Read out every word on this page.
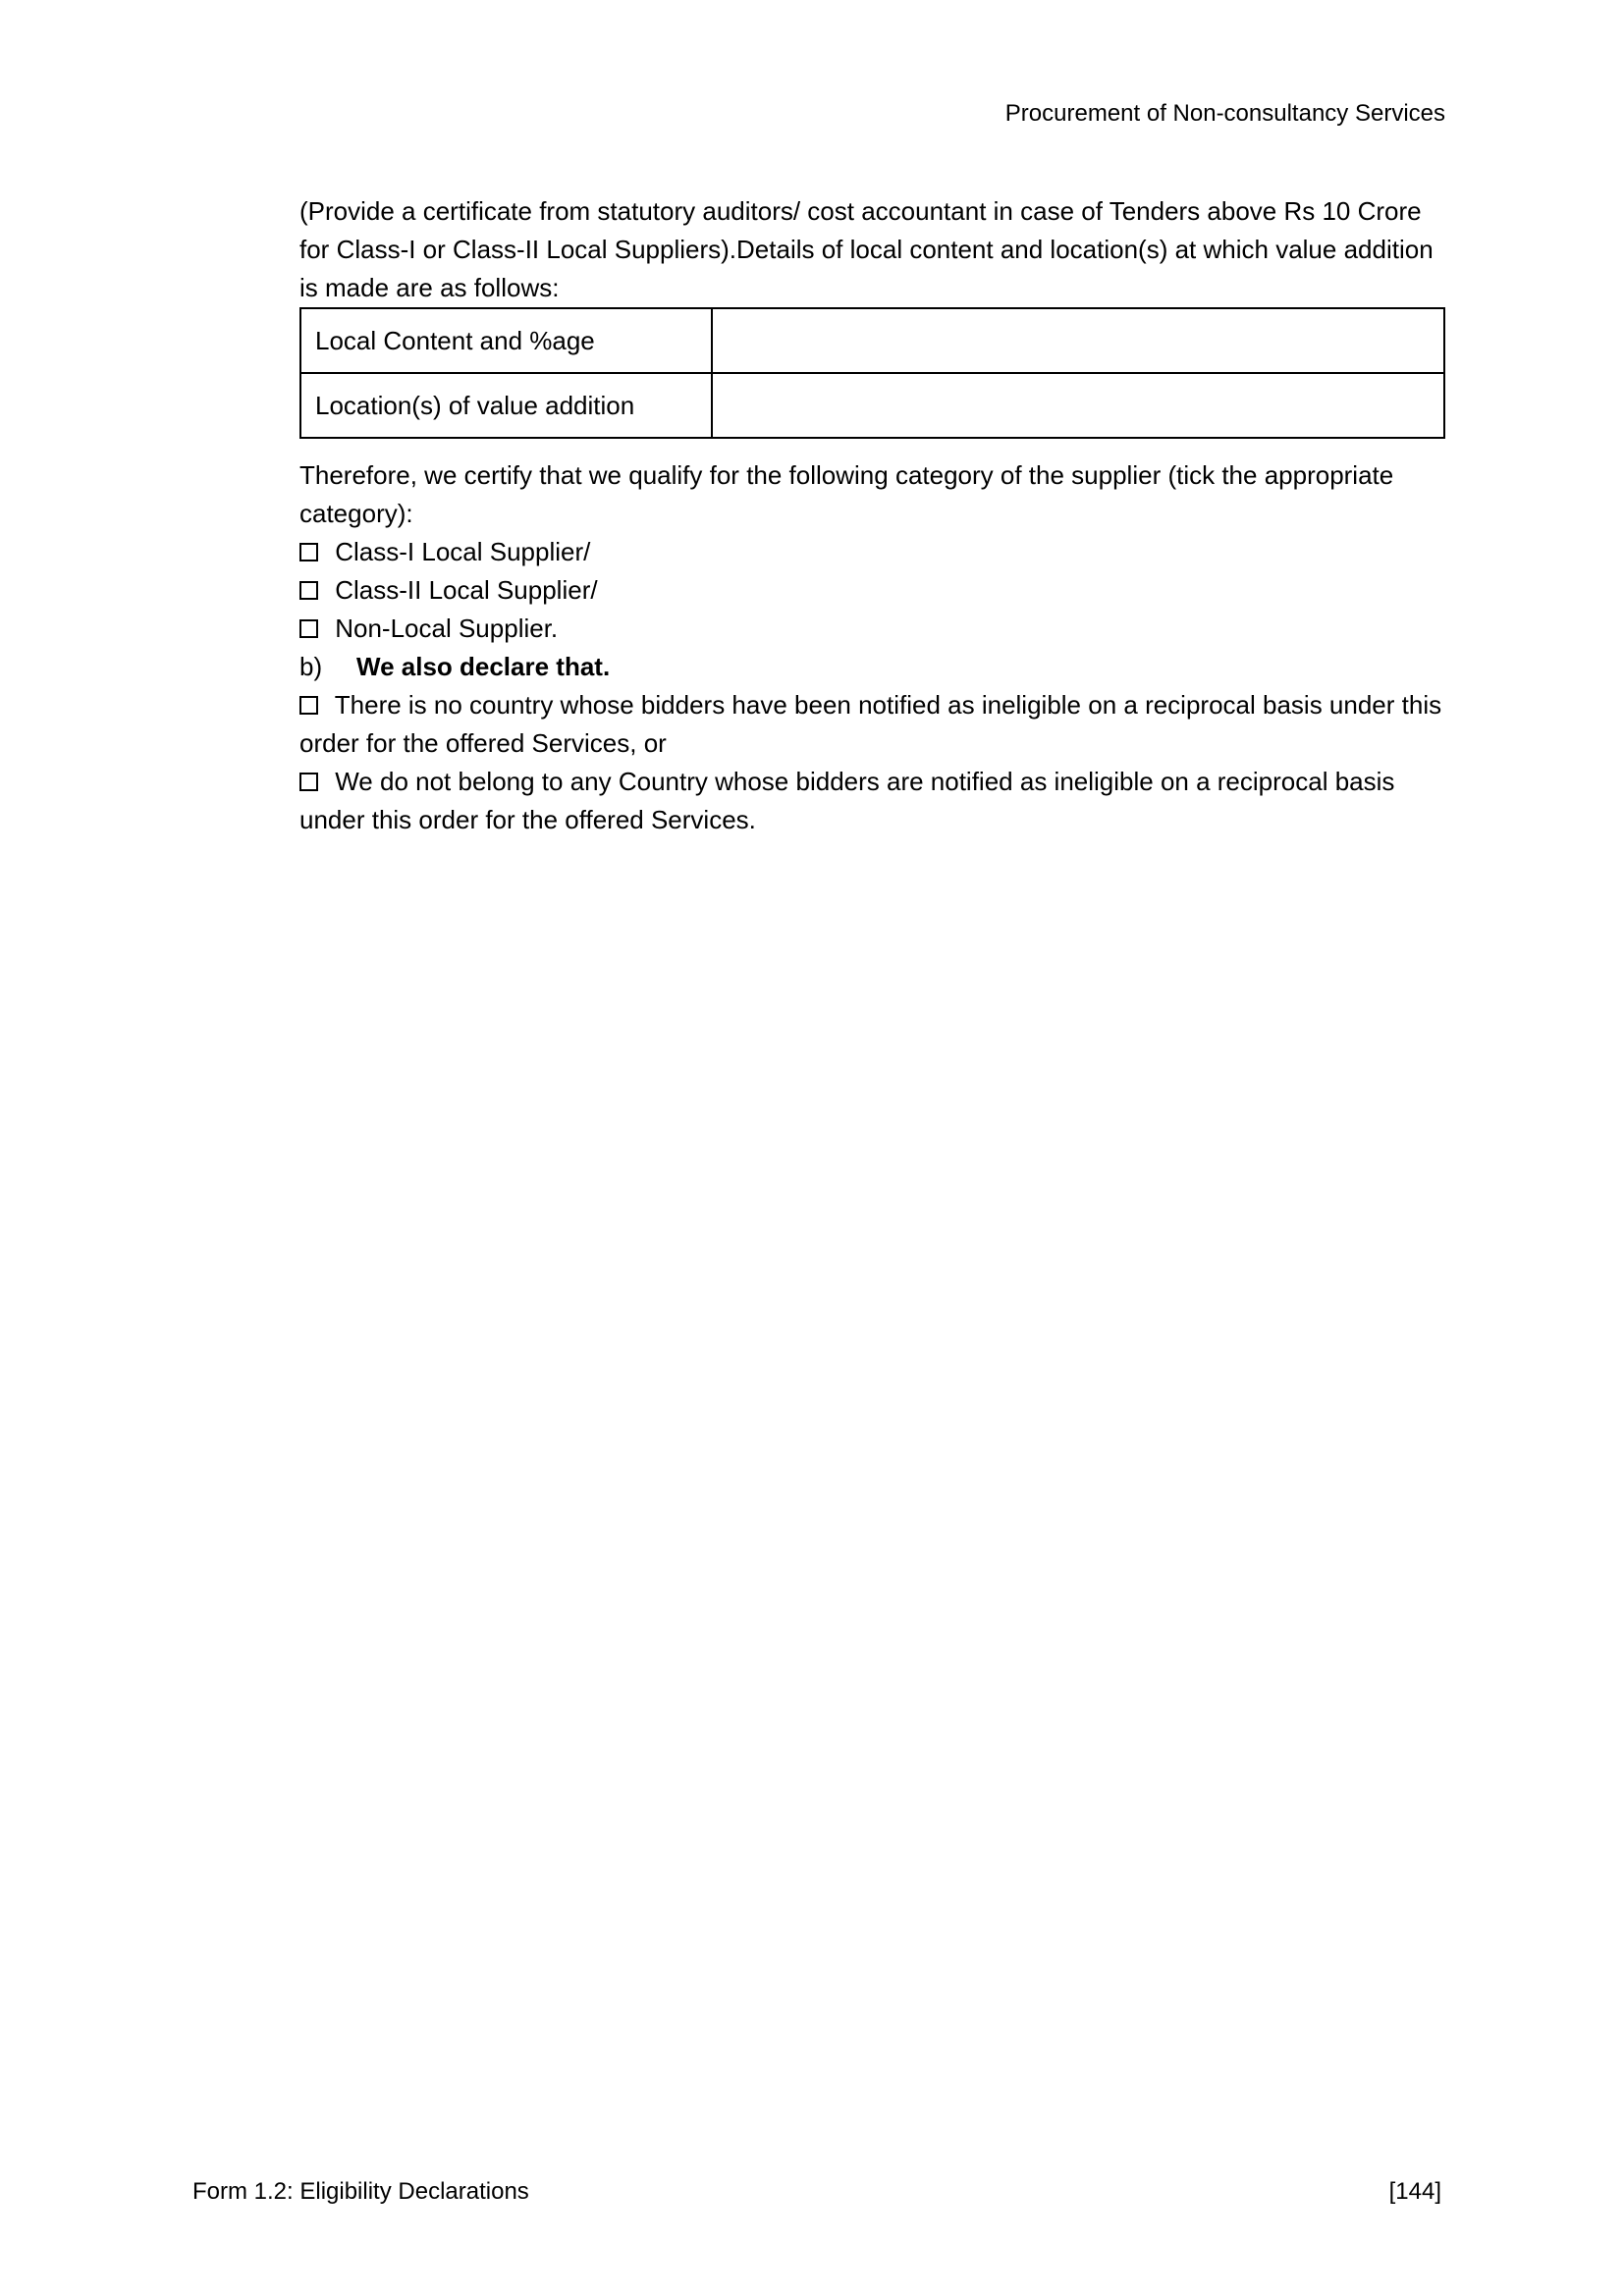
Procurement of Non-consultancy Services

(Provide a certificate from statutory auditors/ cost accountant in case of Tenders above Rs 10 Crore for Class-I or Class-II Local Suppliers).Details of local content and location(s) at which value addition is made are as follows:

Local Content and %age	
Location(s) of value addition	

Therefore, we certify that we qualify for the following category of the supplier (tick the appropriate category):

Class-I Local Supplier/

Class-II Local Supplier/

Non-Local Supplier.

b) We also declare that.

There is no country whose bidders have been notified as ineligible on a reciprocal basis under this order for the offered Services, or

We do not belong to any Country whose bidders are notified as ineligible on a reciprocal basis under this order for the offered Services.

Form 1.2: Eligibility Declarations	[144]
